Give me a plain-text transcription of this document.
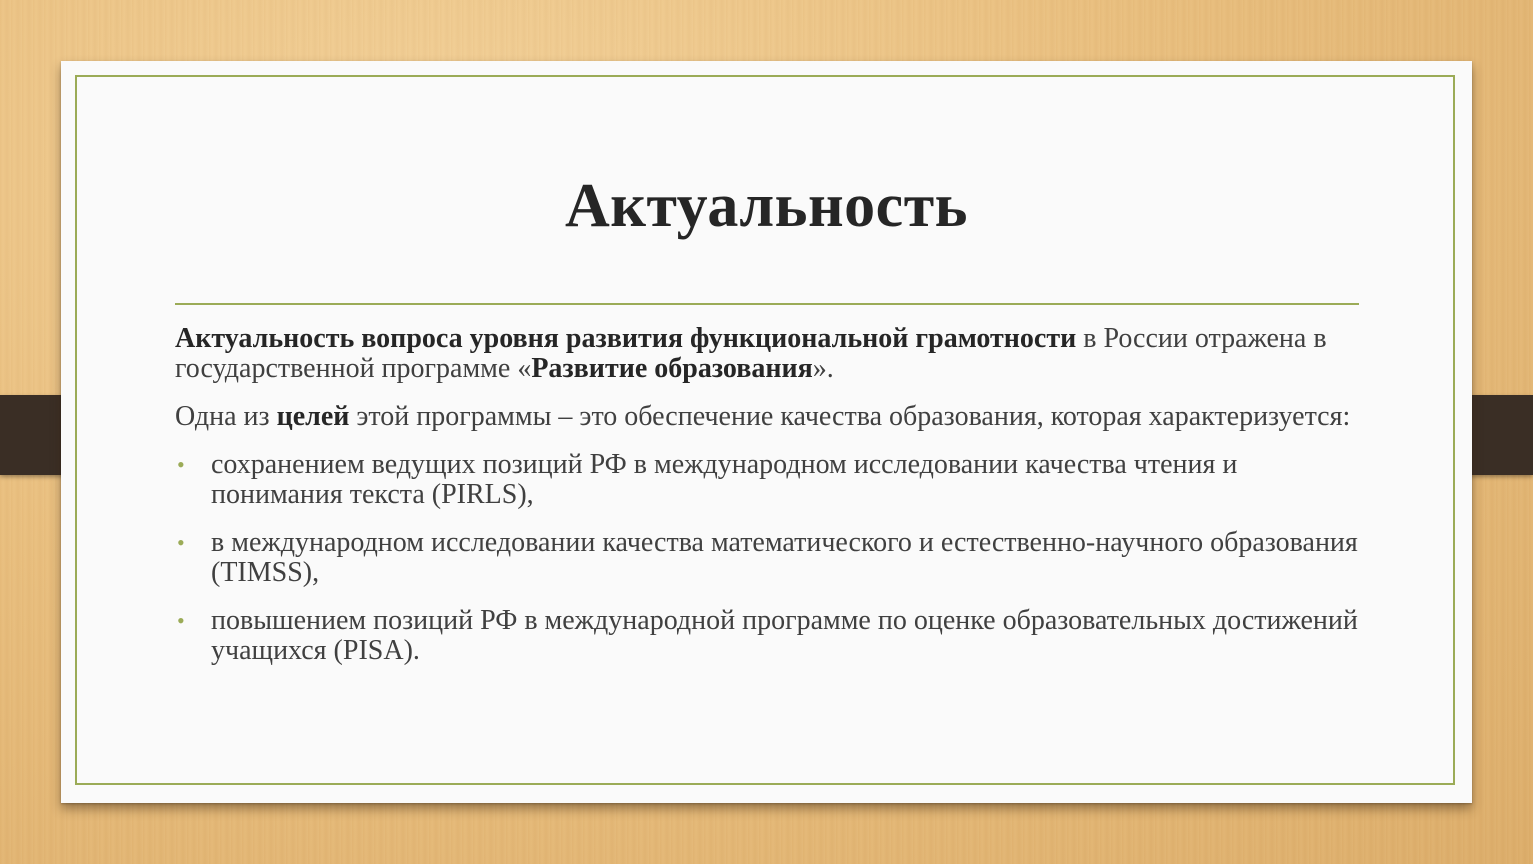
Актуальность

Актуальность вопроса уровня развития функциональной грамотности в России отражена в государственной программе «Развитие образования».

Одна из целей этой программы – это обеспечение качества образования, которая характеризуется:

• сохранением ведущих позиций РФ в международном исследовании качества чтения и понимания текста (PIRLS),
• в международном исследовании качества математического и естественно-научного образования (TIMSS),
• повышением позиций РФ в международной программе по оценке образовательных достижений учащихся (PISA).
